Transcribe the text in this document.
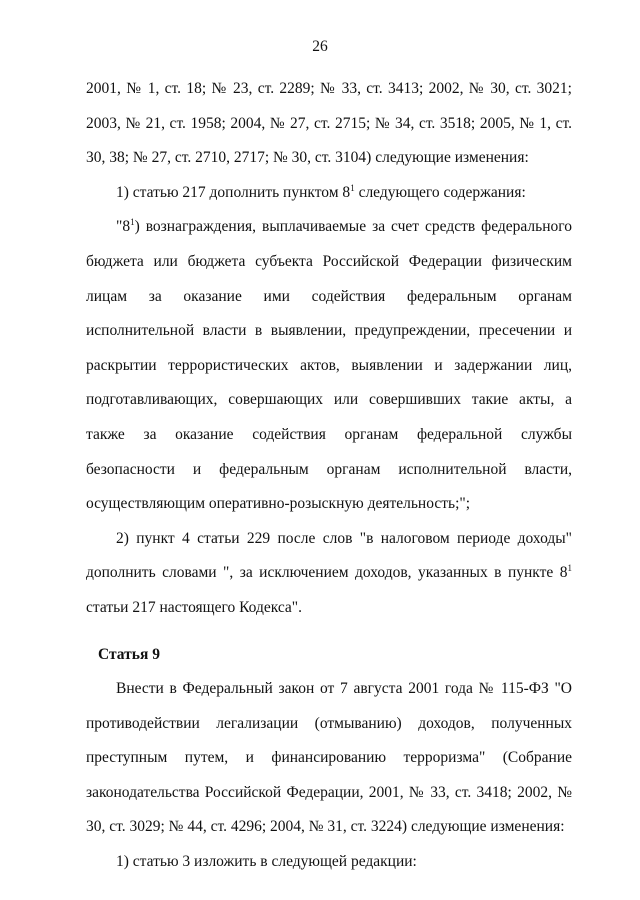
26

2001, № 1, ст. 18; № 23, ст. 2289; № 33, ст. 3413; 2002, № 30, ст. 3021; 2003, № 21, ст. 1958; 2004, № 27, ст. 2715; № 34, ст. 3518; 2005, № 1, ст. 30, 38; № 27, ст. 2710, 2717; № 30, ст. 3104) следующие изменения:

1) статью 217 дополнить пунктом $8^1$ следующего содержания:

"$8^1$) вознаграждения, выплачиваемые за счет средств федерального бюджета или бюджета субъекта Российской Федерации физическим лицам за оказание ими содействия федеральным органам исполнительной власти в выявлении, предупреждении, пресечении и раскрытии террористических актов, выявлении и задержании лиц, подготавливающих, совершающих или совершивших такие акты, а также за оказание содействия органам федеральной службы безопасности и федеральным органам исполнительной власти, осуществляющим оперативно-розыскную деятельность;";

2) пункт 4 статьи 229 после слов "в налоговом периоде доходы" дополнить словами ", за исключением доходов, указанных в пункте $8^1$ статьи 217 настоящего Кодекса".

Статья 9

Внести в Федеральный закон от 7 августа 2001 года № 115-ФЗ "О противодействии легализации (отмыванию) доходов, полученных преступным путем, и финансированию терроризма" (Собрание законодательства Российской Федерации, 2001, № 33, ст. 3418; 2002, № 30, ст. 3029; № 44, ст. 4296; 2004, № 31, ст. 3224) следующие изменения:

1) статью 3 изложить в следующей редакции:
